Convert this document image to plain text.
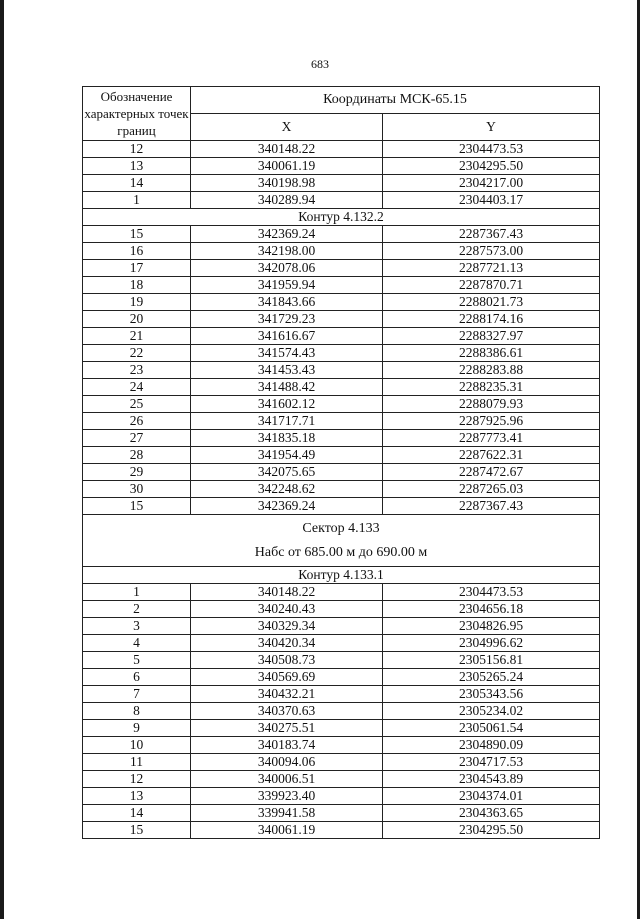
683
Обозначение характерных точек границ	Координаты МСК-65.15	
	X	Y
12	340148.22	2304473.53
13	340061.19	2304295.50
14	340198.98	2304217.00
1	340289.94	2304403.17
Контур 4.132.2		
15	342369.24	2287367.43
16	342198.00	2287573.00
17	342078.06	2287721.13
18	341959.94	2287870.71
19	341843.66	2288021.73
20	341729.23	2288174.16
21	341616.67	2288327.97
22	341574.43	2288386.61
23	341453.43	2288283.88
24	341488.42	2288235.31
25	341602.12	2288079.93
26	341717.71	2287925.96
27	341835.18	2287773.41
28	341954.49	2287622.31
29	342075.65	2287472.67
30	342248.62	2287265.03
15	342369.24	2287367.43

Сектор 4.133
Набс от 685.00 м до 690.00 м		

Контур 4.133.1		
1	340148.22	2304473.53
2	340240.43	2304656.18
3	340329.34	2304826.95
4	340420.34	2304996.62
5	340508.73	2305156.81
6	340569.69	2305265.24
7	340432.21	2305343.56
8	340370.63	2305234.02
9	340275.51	2305061.54
10	340183.74	2304890.09
11	340094.06	2304717.53
12	340006.51	2304543.89
13	339923.40	2304374.01
14	339941.58	2304363.65
15	340061.19	2304295.50
